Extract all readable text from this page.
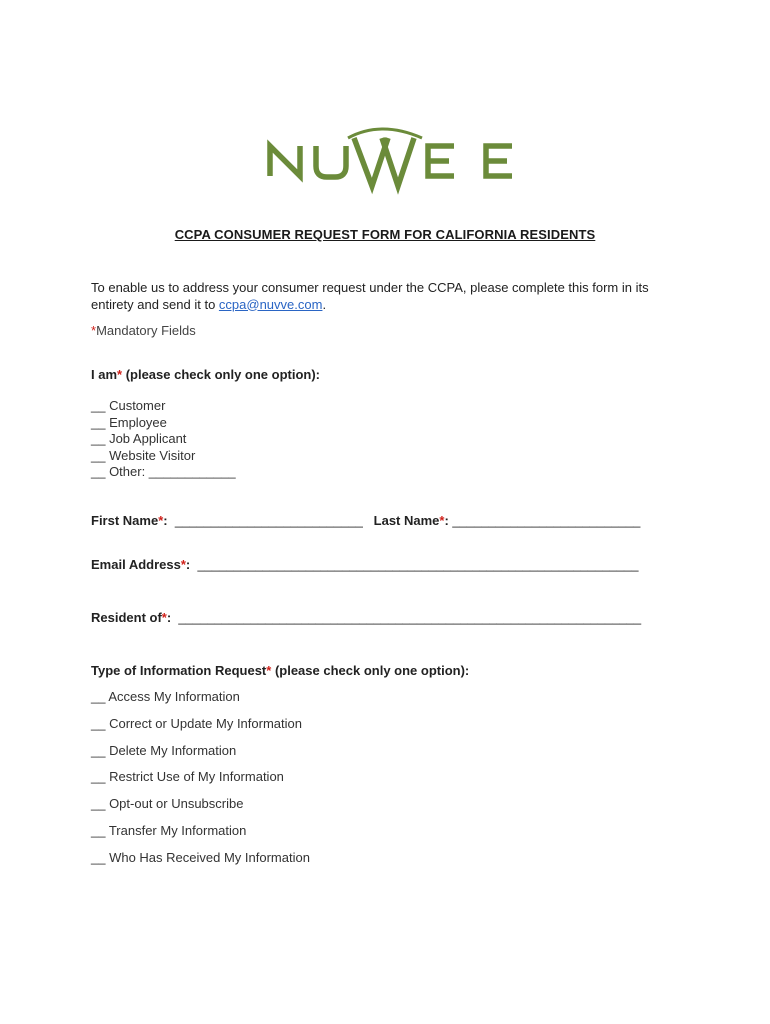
CCPA CONSUMER REQUEST FORM FOR CALIFORNIA RESIDENTS
To enable us to address your consumer request under the CCPA, please complete this form in its entirety and send it to ccpa@nuvve.com.
*Mandatory Fields
I am* (please check only one option):
__ Customer
__ Employee
__ Job Applicant
__ Website Visitor
__ Other: ____________
First Name*:  __________________________   Last Name*: __________________________
Email Address*:  _____________________________________________________________
Resident of*:  ________________________________________________________________
Type of Information Request* (please check only one option):
__ Access My Information
__ Correct or Update My Information
__ Delete My Information
__ Restrict Use of My Information
__ Opt-out or Unsubscribe
__ Transfer My Information
__ Who Has Received My Information
